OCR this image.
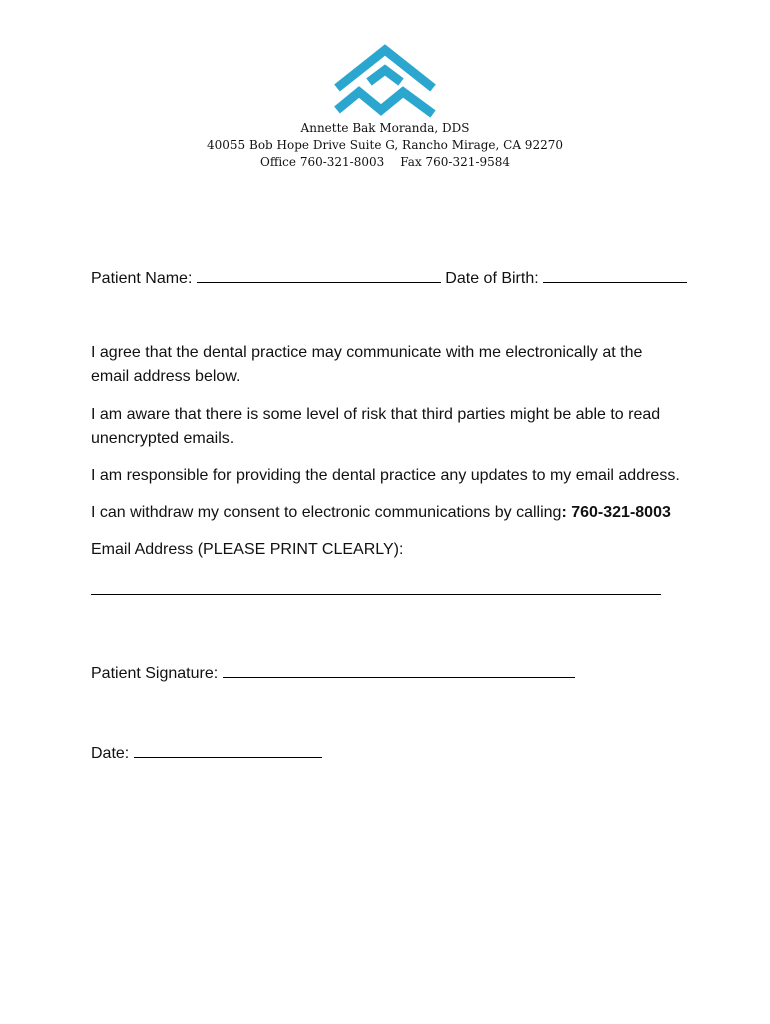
Annette Bak Moranda, DDS
40055 Bob Hope Drive Suite G, Rancho Mirage, CA 92270
Office 760-321-8003 Fax 760-321-9584
Patient Name:	Date of Birth:

I agree that the dental practice may communicate with me electronically at the email address below.

I am aware that there is some level of risk that third parties might be able to read unencrypted emails.

I am responsible for providing the dental practice any updates to my email address.

I can withdraw my consent to electronic communications by calling: 760-321-8003

Email Address (PLEASE PRINT CLEARLY):

Patient Signature:
Date:
